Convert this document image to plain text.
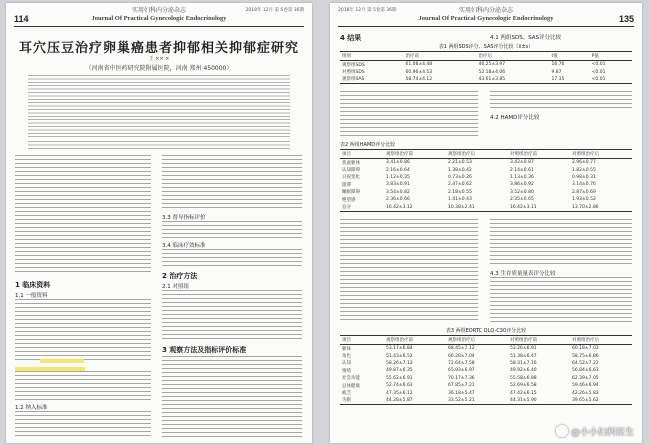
114
实用妇科内分泌杂志
Journal Of Practical Gynecologic Endocrinology
2018年 12月 第 5卷第 36期
耳穴压豆治疗卵巢癌患者抑郁相关抑郁症研究
王 ×× ×
（河南省中医药研究院附属医院，河南 郑州 450000）
1 临床资料
1.1 一般资料
1.2 纳入标准
3.3 督导指标评价
3.4 临床疗效标准
2 治疗方法
2.1 对照组
3 观察方法及指标评价标准
2018年 12月 第 5卷第 36期	实用妇科内分泌杂志
Journal Of Practical Gynecologic Endocrinology	135
4 结果	4.1 两组SDS、SAS评分比较
表1 两组SDS评分、SAS评分比较（x̄±s）
组别	治疗前	治疗后	t值	P值
观察组SDS	61.08±4.48	46.25±3.97	16.76	<0.01
对照组SDS	60.96±4.53	52.18±4.06	9.87	<0.01
观察组SAS	58.74±4.12	43.61±3.85	17.35	<0.01
4.2 HAMD评分比较
表2 两组HAMD评分比较
项目	观察组治疗前	观察组治疗后	对照组治疗前	对照组治疗后
焦虑躯体	3.41±0.86	2.21±0.53	3.42±0.87	2.96±0.77
认知障碍	2.16±0.64	1.38±0.42	2.14±0.61	1.82±0.55
日夜变化	1.12±0.35	0.73±0.26	1.13±0.36	0.98±0.31
阻滞	3.83±0.91	2.47±0.62	3.86±0.92	3.14±0.76
睡眠障碍	3.54±0.82	2.18±0.55	3.52±0.80	2.87±0.69
绝望感	2.36±0.66	1.41±0.43	2.35±0.65	1.93±0.52
总分	16.42±3.12	10.38±2.41	16.42±3.11	13.70±2.86
4.3 生存质量量表评分比较
表3 两组EORTC QLQ-C30评分比较
项目	观察组治疗前	观察组治疗后	对照组治疗前	对照组治疗后
躯体	53.17±6.84	68.45±7.12	53.26±6.91	60.18±7.03
角色	51.43±6.52	66.28±7.04	51.38±6.47	58.75±6.86
认知	58.26±7.13	72.64±7.58	58.31±7.16	64.52±7.22
情绪	49.87±6.35	65.93±6.97	49.92±6.40	56.84±6.63
社会功能	55.62±6.91	70.17±7.36	55.58±6.88	62.39±7.05
总体健康	52.74±6.63	67.85±7.21	52.69±6.58	59.46±6.94
疲乏	47.35±6.12	36.18±5.47	47.42±6.15	42.26±5.83
失眠	44.28±5.87	33.52±5.21	44.31±5.90	39.65±5.62
@小小妇科医生
